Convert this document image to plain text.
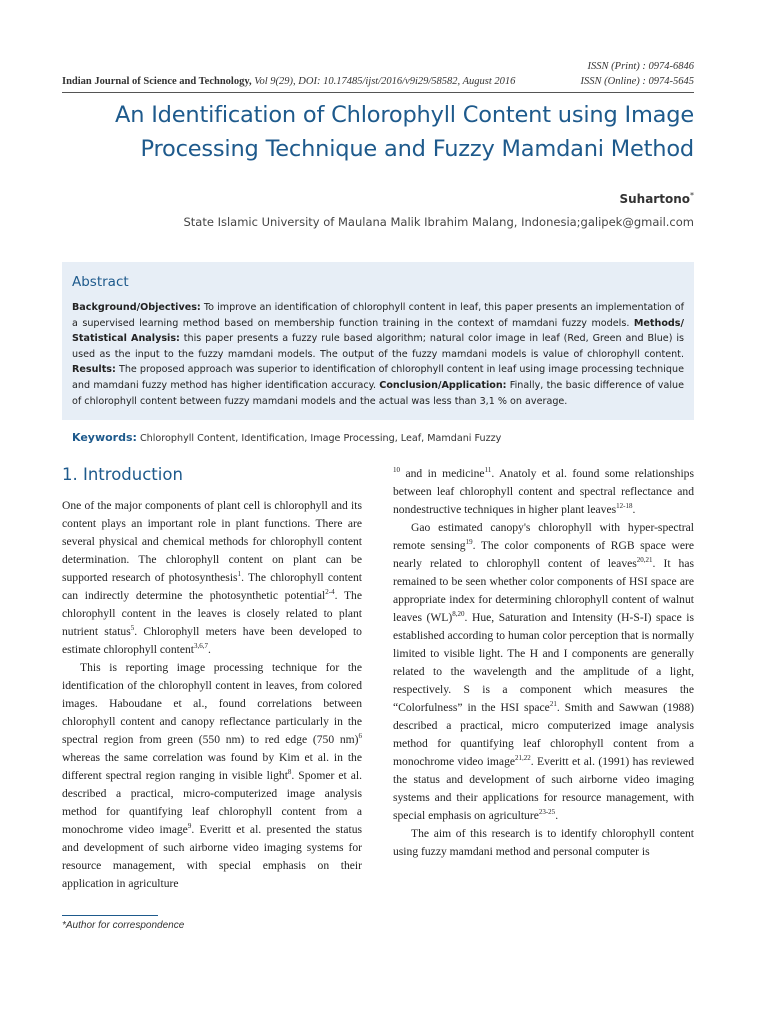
Indian Journal of Science and Technology, Vol 9(29), DOI: 10.17485/ijst/2016/v9i29/58582, August 2016
ISSN (Print) : 0974-6846
ISSN (Online) : 0974-5645
An Identification of Chlorophyll Content using Image
Processing Technique and Fuzzy Mamdani Method
Suhartono*
State Islamic University of Maulana Malik Ibrahim Malang, Indonesia;galipek@gmail.com
Abstract
Background/Objectives: To improve an identification of chlorophyll content in leaf, this paper presents an implementation of a supervised learning method based on membership function training in the context of mamdani fuzzy models. Methods/ Statistical Analysis: this paper presents a fuzzy rule based algorithm; natural color image in leaf (Red, Green and Blue) is used as the input to the fuzzy mamdani models. The output of the fuzzy mamdani models is value of chlorophyll content. Results: The proposed approach was superior to identification of chlorophyll content in leaf using image processing technique and mamdani fuzzy method has higher identification accuracy. Conclusion/Application: Finally, the basic difference of value of chlorophyll content between fuzzy mamdani models and the actual was less than 3,1 % on average.
Keywords: Chlorophyll Content, Identification, Image Processing, Leaf, Mamdani Fuzzy
1. Introduction

One of the major components of plant cell is chlorophyll and its content plays an important role in plant functions. There are several physical and chemical methods for chlorophyll content determination. The chlorophyll content on plant can be supported research of photosynthesis$^1$. The chlorophyll content can indirectly determine the photosynthetic potential$^{2-4}$. The chlorophyll content in the leaves is closely related to plant nutrient status$^5$. Chlorophyll meters have been developed to estimate chlorophyll content$^{3,6,7}$.

This is reporting image processing technique for the identification of the chlorophyll content in leaves, from colored images. Haboudane et al., found correlations between chlorophyll content and canopy reflectance particularly in the spectral region from green (550 nm) to red edge (750 nm)$^6$ whereas the same correlation was found by Kim et al. in the different spectral region ranging in visible light$^8$. Spomer et al. described a practical, micro-computerized image analysis method for quantifying leaf chlorophyll content from a monochrome video image$^9$. Everitt et al. presented the status and development of such airborne video imaging systems for resource management, with special emphasis on their application in agriculture

$^{10}$ and in medicine$^{11}$. Anatoly et al. found some relationships between leaf chlorophyll content and spectral reflectance and nondestructive techniques in higher plant leaves$^{12-18}$.

Gao estimated canopy's chlorophyll with hyper-spectral remote sensing$^{19}$. The color components of RGB space were nearly related to chlorophyll content of leaves$^{20,21}$. It has remained to be seen whether color components of HSI space are appropriate index for determining chlorophyll content of walnut leaves (WL)$^{8,20}$. Hue, Saturation and Intensity (H-S-I) space is established according to human color perception that is normally limited to visible light. The H and I components are generally related to the wavelength and the amplitude of a light, respectively. S is a component which measures the “Colorfulness” in the HSI space$^{21}$. Smith and Sawwan (1988) described a practical, micro computerized image analysis method for quantifying leaf chlorophyll content from a monochrome video image$^{21,22}$. Everitt et al. (1991) has reviewed the status and development of such airborne video imaging systems and their applications for resource management, with special emphasis on agriculture$^{23-25}$.

The aim of this research is to identify chlorophyll content using fuzzy mamdani method and personal computer is

*Author for correspondence
